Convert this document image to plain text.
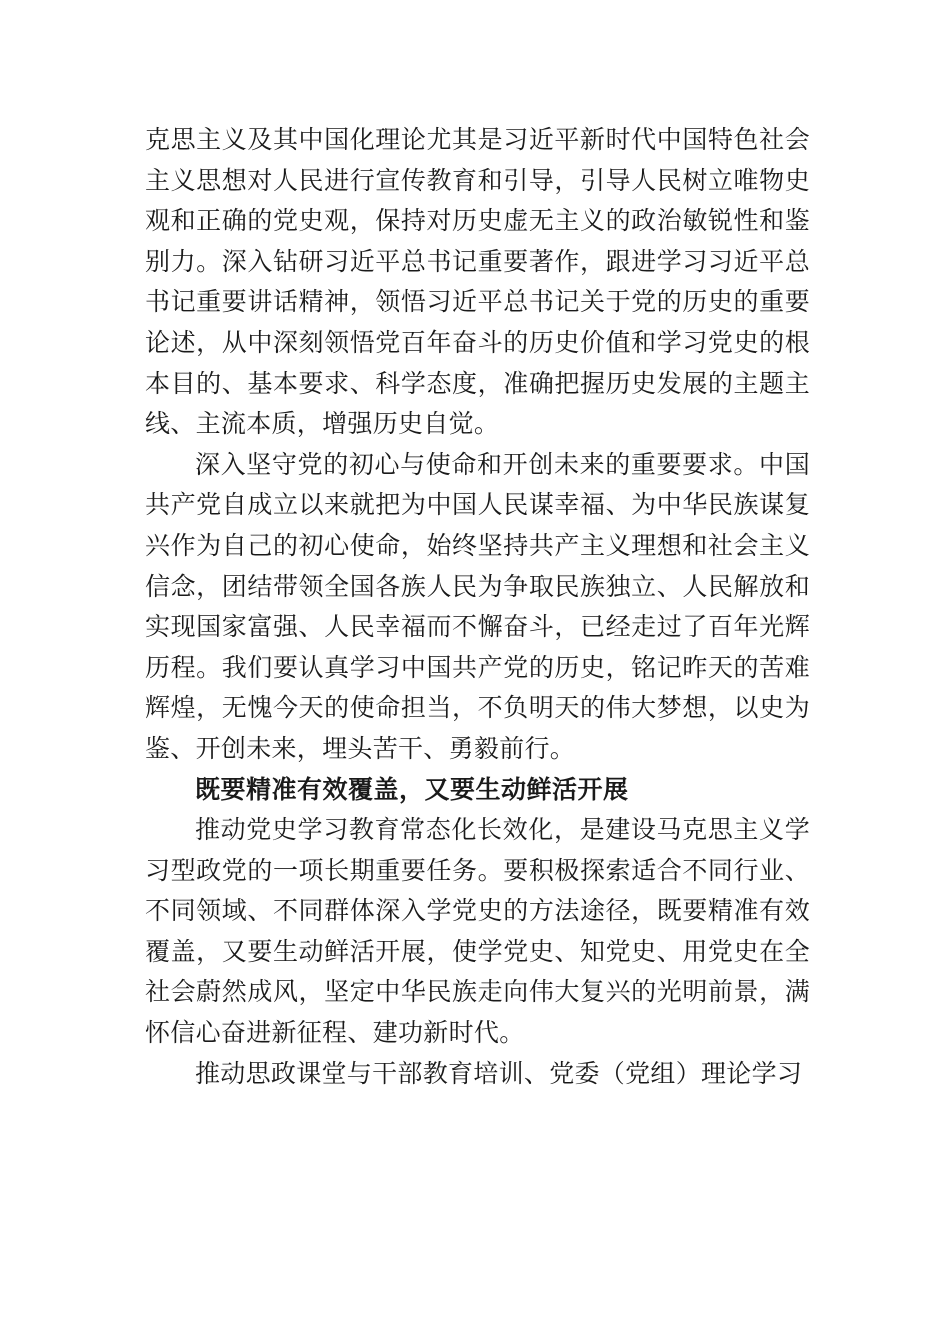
克思主义及其中国化理论尤其是习近平新时代中国特色社会主义思想对人民进行宣传教育和引导，引导人民树立唯物史观和正确的党史观，保持对历史虚无主义的政治敏锐性和鉴别力。深入钻研习近平总书记重要著作，跟进学习习近平总书记重要讲话精神，领悟习近平总书记关于党的历史的重要论述，从中深刻领悟党百年奋斗的历史价值和学习党史的根本目的、基本要求、科学态度，准确把握历史发展的主题主线、主流本质，增强历史自觉。

深入坚守党的初心与使命和开创未来的重要要求。中国共产党自成立以来就把为中国人民谋幸福、为中华民族谋复兴作为自己的初心使命，始终坚持共产主义理想和社会主义信念，团结带领全国各族人民为争取民族独立、人民解放和实现国家富强、人民幸福而不懈奋斗，已经走过了百年光辉历程。我们要认真学习中国共产党的历史，铭记昨天的苦难辉煌，无愧今天的使命担当，不负明天的伟大梦想，以史为鉴、开创未来，埋头苦干、勇毅前行。

既要精准有效覆盖，又要生动鲜活开展

推动党史学习教育常态化长效化，是建设马克思主义学习型政党的一项长期重要任务。要积极探索适合不同行业、不同领域、不同群体深入学党史的方法途径，既要精准有效覆盖，又要生动鲜活开展，使学党史、知党史、用党史在全社会蔚然成风，坚定中华民族走向伟大复兴的光明前景，满怀信心奋进新征程、建功新时代。

推动思政课堂与干部教育培训、党委（党组）理论学习
